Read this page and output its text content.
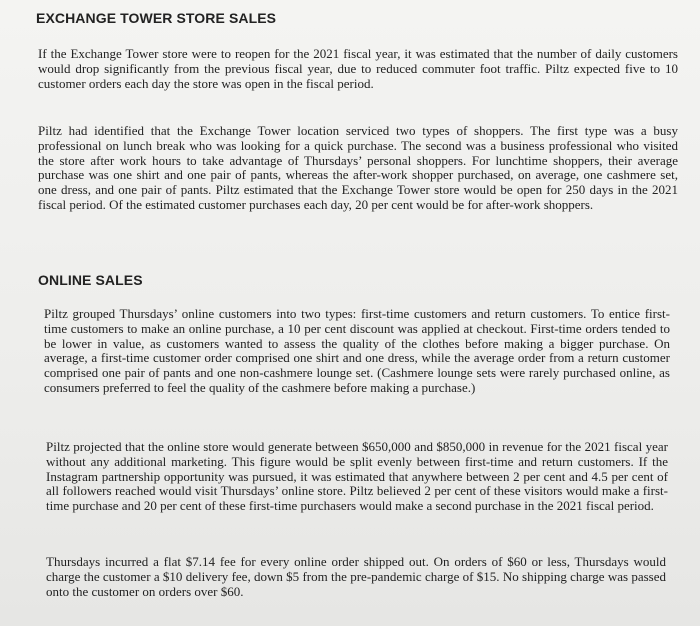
EXCHANGE TOWER STORE SALES

If the Exchange Tower store were to reopen for the 2021 fiscal year, it was estimated that the number of daily customers would drop significantly from the previous fiscal year, due to reduced commuter foot traffic. Piltz expected five to 10 customer orders each day the store was open in the fiscal period.

Piltz had identified that the Exchange Tower location serviced two types of shoppers. The first type was a busy professional on lunch break who was looking for a quick purchase. The second was a business professional who visited the store after work hours to take advantage of Thursdays’ personal shoppers. For lunchtime shoppers, their average purchase was one shirt and one pair of pants, whereas the after-work shopper purchased, on average, one cashmere set, one dress, and one pair of pants. Piltz estimated that the Exchange Tower store would be open for 250 days in the 2021 fiscal period. Of the estimated customer purchases each day, 20 per cent would be for after-work shoppers.

ONLINE SALES

Piltz grouped Thursdays’ online customers into two types: first-time customers and return customers. To entice first-time customers to make an online purchase, a 10 per cent discount was applied at checkout. First-time orders tended to be lower in value, as customers wanted to assess the quality of the clothes before making a bigger purchase. On average, a first-time customer order comprised one shirt and one dress, while the average order from a return customer comprised one pair of pants and one non-cashmere lounge set. (Cashmere lounge sets were rarely purchased online, as consumers preferred to feel the quality of the cashmere before making a purchase.)

Piltz projected that the online store would generate between $650,000 and $850,000 in revenue for the 2021 fiscal year without any additional marketing. This figure would be split evenly between first-time and return customers. If the Instagram partnership opportunity was pursued, it was estimated that anywhere between 2 per cent and 4.5 per cent of all followers reached would visit Thursdays’ online store. Piltz believed 2 per cent of these visitors would make a first-time purchase and 20 per cent of these first-time purchasers would make a second purchase in the 2021 fiscal period.

Thursdays incurred a flat $7.14 fee for every online order shipped out. On orders of $60 or less, Thursdays would charge the customer a $10 delivery fee, down $5 from the pre-pandemic charge of $15. No shipping charge was passed onto the customer on orders over $60.
